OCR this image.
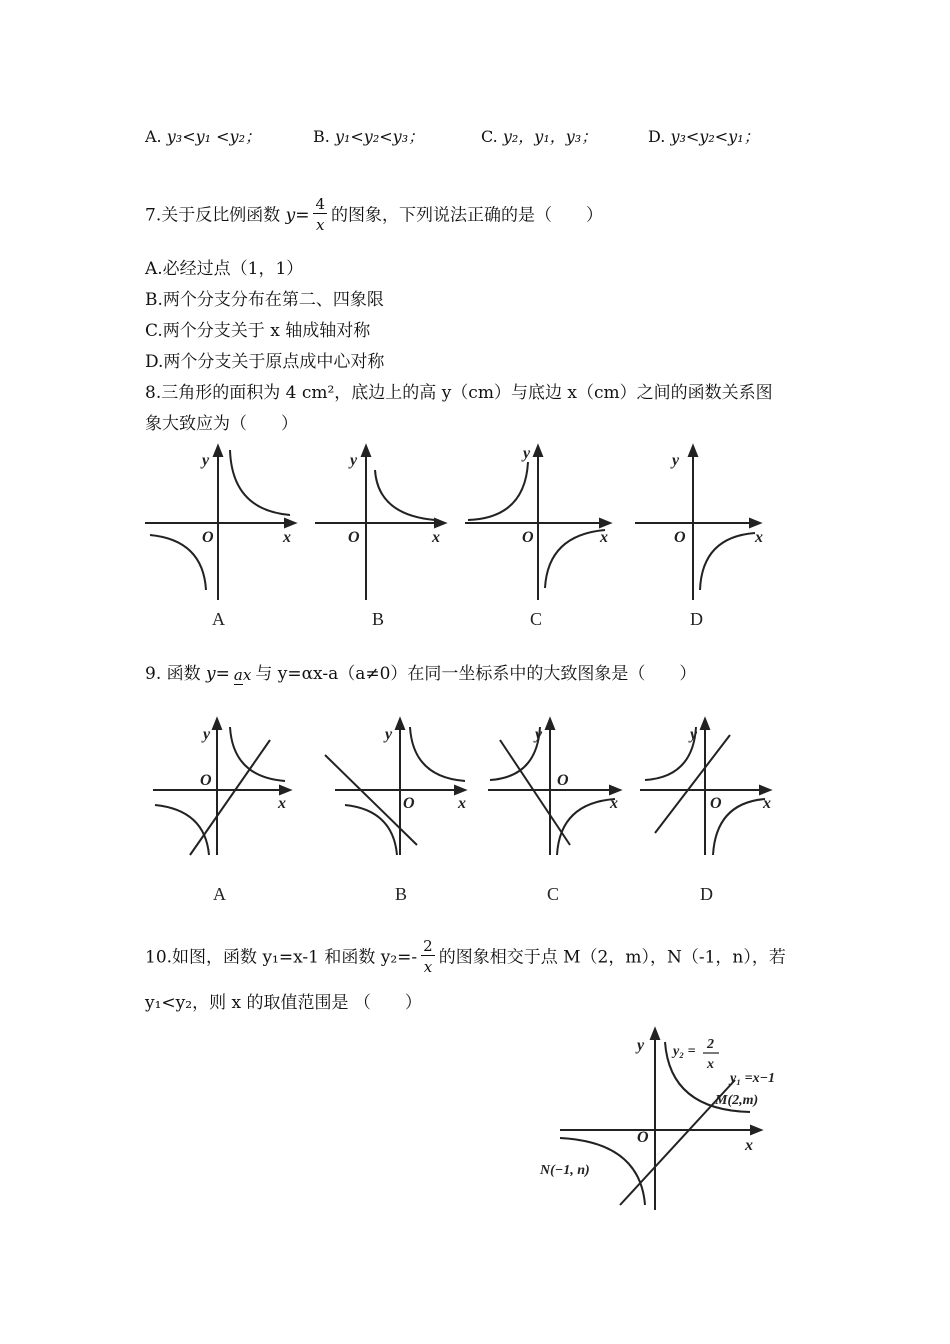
A. y₃<y₁ <y₂；	B. y₁<y₂<y₃；	C. y₂，y₁，y₃；	D. y₃<y₂<y₁；
7.关于反比例函数 $y= \frac{4}{x}$ 的图象，下列说法正确的是（　　）
A.必经过点（1，1）
B.两个分支分布在第二、四象限
C.两个分支关于 x 轴成轴对称
D.两个分支关于原点成中心对称
8.三角形的面积为 4 cm²，底边上的高 y（cm）与底边 x（cm）之间的函数关系图
象大致应为（　　）
y
O	x
A
y
O	x
B
y
O	x
C
y
O	x
D
9. 函数 y= ax 与 y=αx-a（a≠0）在同一坐标系中的大致图象是（　　）
y
O
x
A
y
O	x
B
y
O
x
C
y
O	x
D
10.如图，函数 y₁=x-1 和函数 $y_2=- \frac{2}{x}$ 的图象相交于点 M（2，m），N（-1，n），若
y₁<y₂，则 x 的取值范围是 （　　）
y
O	x
y₂ = 2
x
y₁ =x−1
M(2,m)
N(−1, n)
